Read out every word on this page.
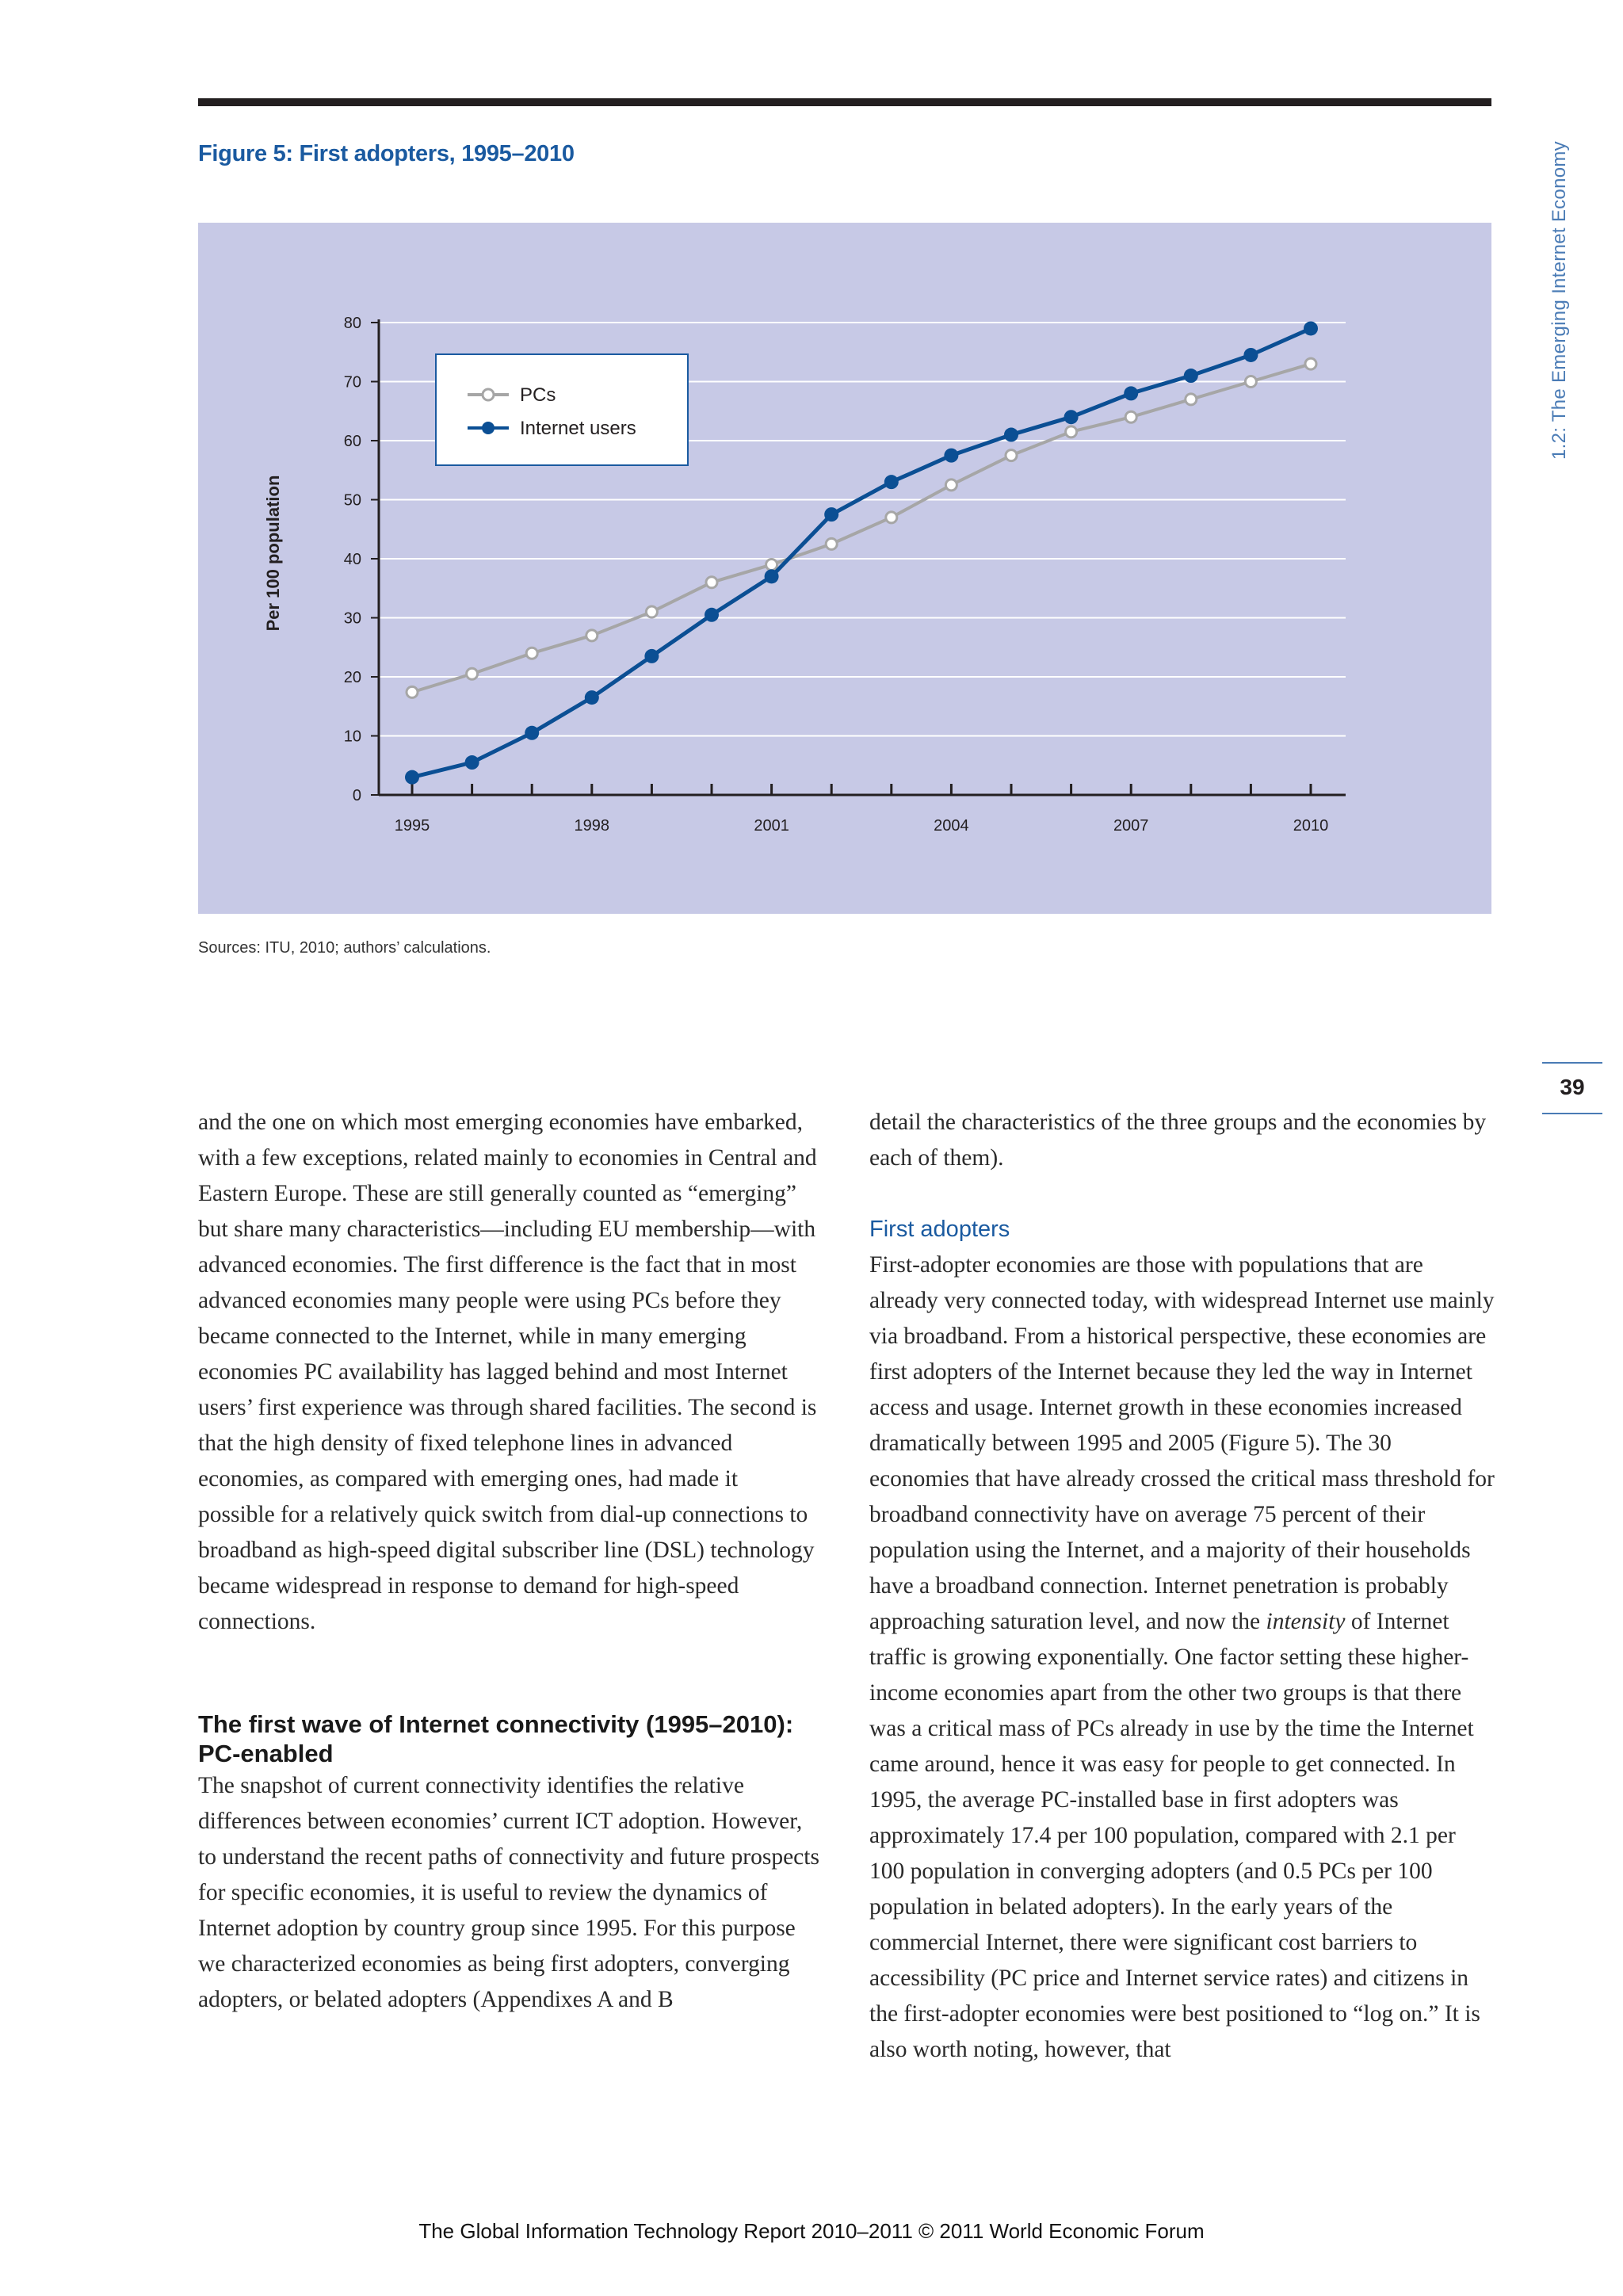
Figure 5: First adopters, 1995–2010
0
10
20
30
40
50
60
70
80
1995	1998	2001	2004	2007	2010
Per 100 population
PCs
Internet users
Sources: ITU, 2010; authors’ calculations.
1.2: The Emerging Internet Economy
39

and the one on which most emerging economies have embarked, with a few exceptions, related mainly to economies in Central and Eastern Europe. These are still generally counted as “emerging” but share many characteristics—including EU membership—with advanced economies. The first difference is the fact that in most advanced economies many people were using PCs before they became connected to the Internet, while in many emerging economies PC availability has lagged behind and most Internet users’ first experience was through shared facilities. The second is that the high density of fixed telephone lines in advanced economies, as compared with emerging ones, had made it possible for a relatively quick switch from dial-up connections to broadband as high-speed digital subscriber line (DSL) technology became widespread in response to demand for high-speed connections.

The first wave of Internet connectivity (1995–2010): PC-enabled

The snapshot of current connectivity identifies the relative differences between economies’ current ICT adoption. However, to understand the recent paths of connectivity and future prospects for specific economies, it is useful to review the dynamics of Internet adoption by country group since 1995. For this purpose we characterized economies as being first adopters, converging adopters, or belated adopters (Appendixes A and B

detail the characteristics of the three groups and the economies by each of them).

First adopters

First-adopter economies are those with populations that are already very connected today, with widespread Internet use mainly via broadband. From a historical perspective, these economies are first adopters of the Internet because they led the way in Internet access and usage. Internet growth in these economies increased dramatically between 1995 and 2005 (Figure 5). The 30 economies that have already crossed the critical mass threshold for broadband connectivity have on average 75 percent of their population using the Internet, and a majority of their households have a broadband connection. Internet penetration is probably approaching saturation level, and now the intensity of Internet traffic is growing exponentially. One factor setting these higher-income economies apart from the other two groups is that there was a critical mass of PCs already in use by the time the Internet came around, hence it was easy for people to get connected. In 1995, the average PC-installed base in first adopters was approximately 17.4 per 100 population, compared with 2.1 per 100 population in converging adopters (and 0.5 PCs per 100 population in belated adopters). In the early years of the commercial Internet, there were significant cost barriers to accessibility (PC price and Internet service rates) and citizens in the first-adopter economies were best positioned to “log on.” It is also worth noting, however, that

The Global Information Technology Report 2010–2011 © 2011 World Economic Forum
